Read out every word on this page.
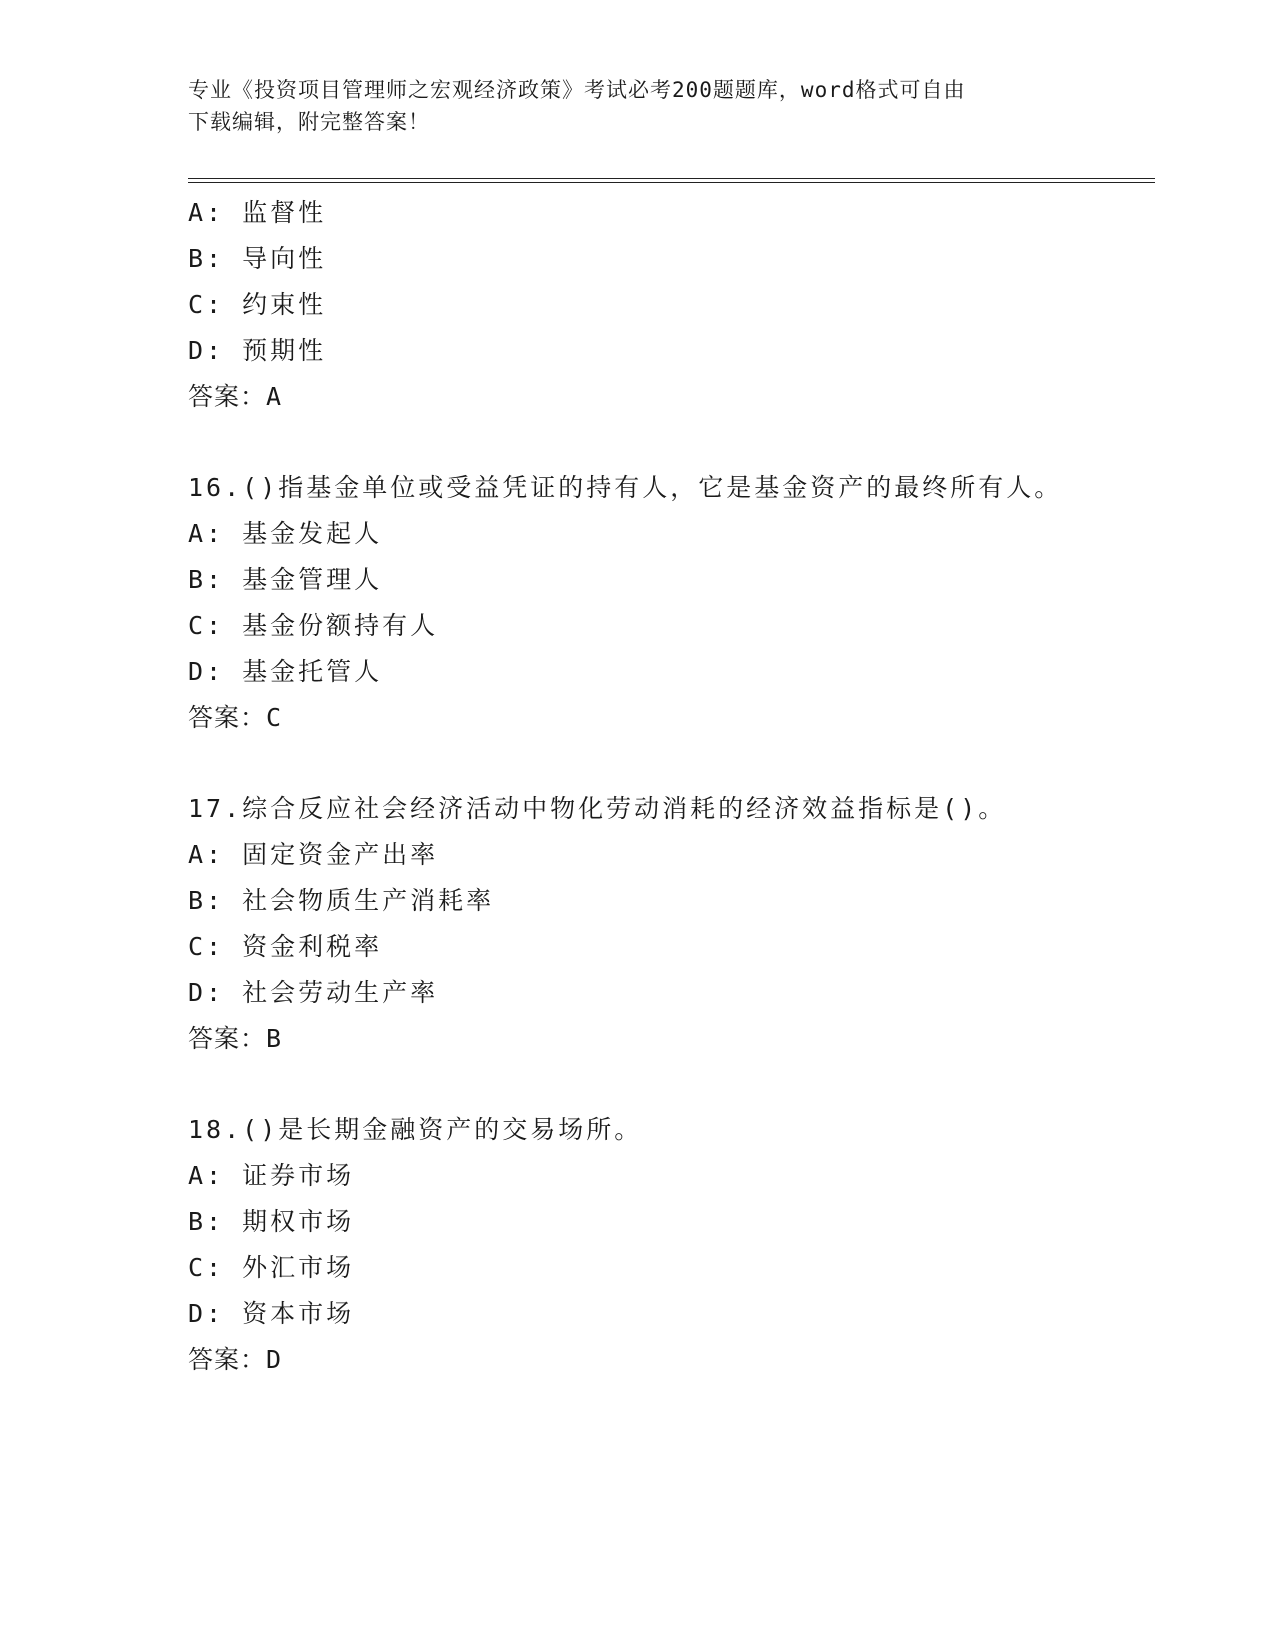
专业《投资项目管理师之宏观经济政策》考试必考200题题库，word格式可自由
下载编辑，附完整答案！
A: 监督性
B: 导向性
C: 约束性
D: 预期性
答案：A
16.()指基金单位或受益凭证的持有人，它是基金资产的最终所有人。
A: 基金发起人
B: 基金管理人
C: 基金份额持有人
D: 基金托管人
答案：C
17.综合反应社会经济活动中物化劳动消耗的经济效益指标是()。
A: 固定资金产出率
B: 社会物质生产消耗率
C: 资金利税率
D: 社会劳动生产率
答案：B
18.()是长期金融资产的交易场所。
A: 证券市场
B: 期权市场
C: 外汇市场
D: 资本市场
答案：D
